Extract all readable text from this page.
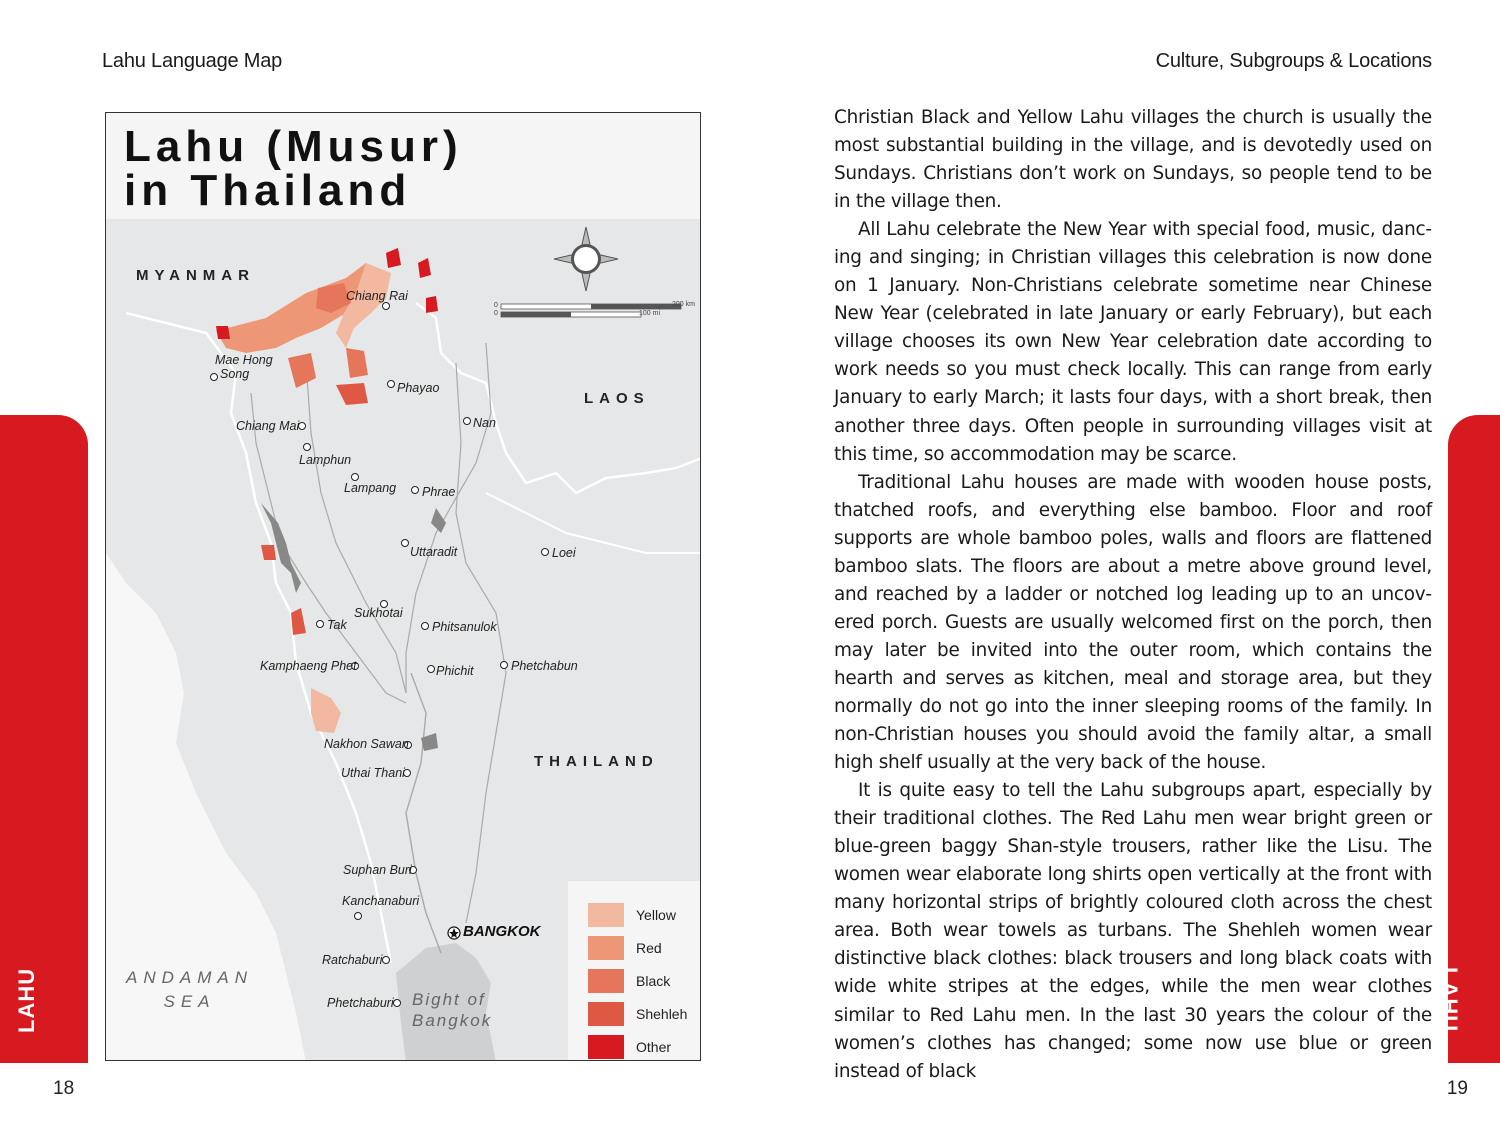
Lahu Language Map	Culture, Subgroups & Locations
LAHU	LAHU
18	19
Lahu (Musur)
in Thailand
0	200 km
0	100 mi
MYANMAR
LAOS
THAILAND
ANDAMAN
SEA	Bight of
Bangkok
BANGKOK
Chiang Rai
Mae Hong
Song
Phayao
Chiang Mai	Nan
Lamphun
Lampang Phrae
Uttaradit	Loei
Sukhotai
Tak	Phitsanulok
Kamphaeng Phet	Phichit	Phetchabun
Nakhon Sawan
Uthai Thani
Suphan Buri
Kanchanaburi
Ratchaburi
Phetchaburi
Yellow
Red
Black
Shehleh
Other

Christian Black and Yellow Lahu villages the church is usually the most substantial building in the village, and is devotedly used on Sundays. Christians don’t work on Sundays, so people tend to be in the village then.

All Lahu celebrate the New Year with special food, music, dancing and singing; in Christian villages this celebration is now done on 1 January. Non-Christians celebrate sometime near Chinese New Year (celebrated in late January or early February), but each village chooses its own New Year celebration date according to work needs so you must check locally. This can range from early January to early March; it lasts four days, with a short break, then another three days. Often people in surrounding villages visit at this time, so accommodation may be scarce.

Traditional Lahu houses are made with wooden house posts, thatched roofs, and everything else bamboo. Floor and roof supports are whole bamboo poles, walls and floors are flattened bamboo slats. The floors are about a metre above ground level, and reached by a ladder or notched log leading up to an uncovered porch. Guests are usually welcomed first on the porch, then may later be invited into the outer room, which contains the hearth and serves as kitchen, meal and storage area, but they normally do not go into the inner sleeping rooms of the family. In non-Christian houses you should avoid the family altar, a small high shelf usually at the very back of the house.

It is quite easy to tell the Lahu subgroups apart, especially by their traditional clothes. The Red Lahu men wear bright green or blue-green baggy Shan-style trousers, rather like the Lisu. The women wear elaborate long shirts open vertically at the front with many horizontal strips of brightly coloured cloth across the chest area. Both wear towels as turbans. The Shehleh women wear distinctive black clothes: black trousers and long black coats with wide white stripes at the edges, while the men wear clothes similar to Red Lahu men. In the last 30 years the colour of the women’s clothes has changed; some now use blue or green instead of black
